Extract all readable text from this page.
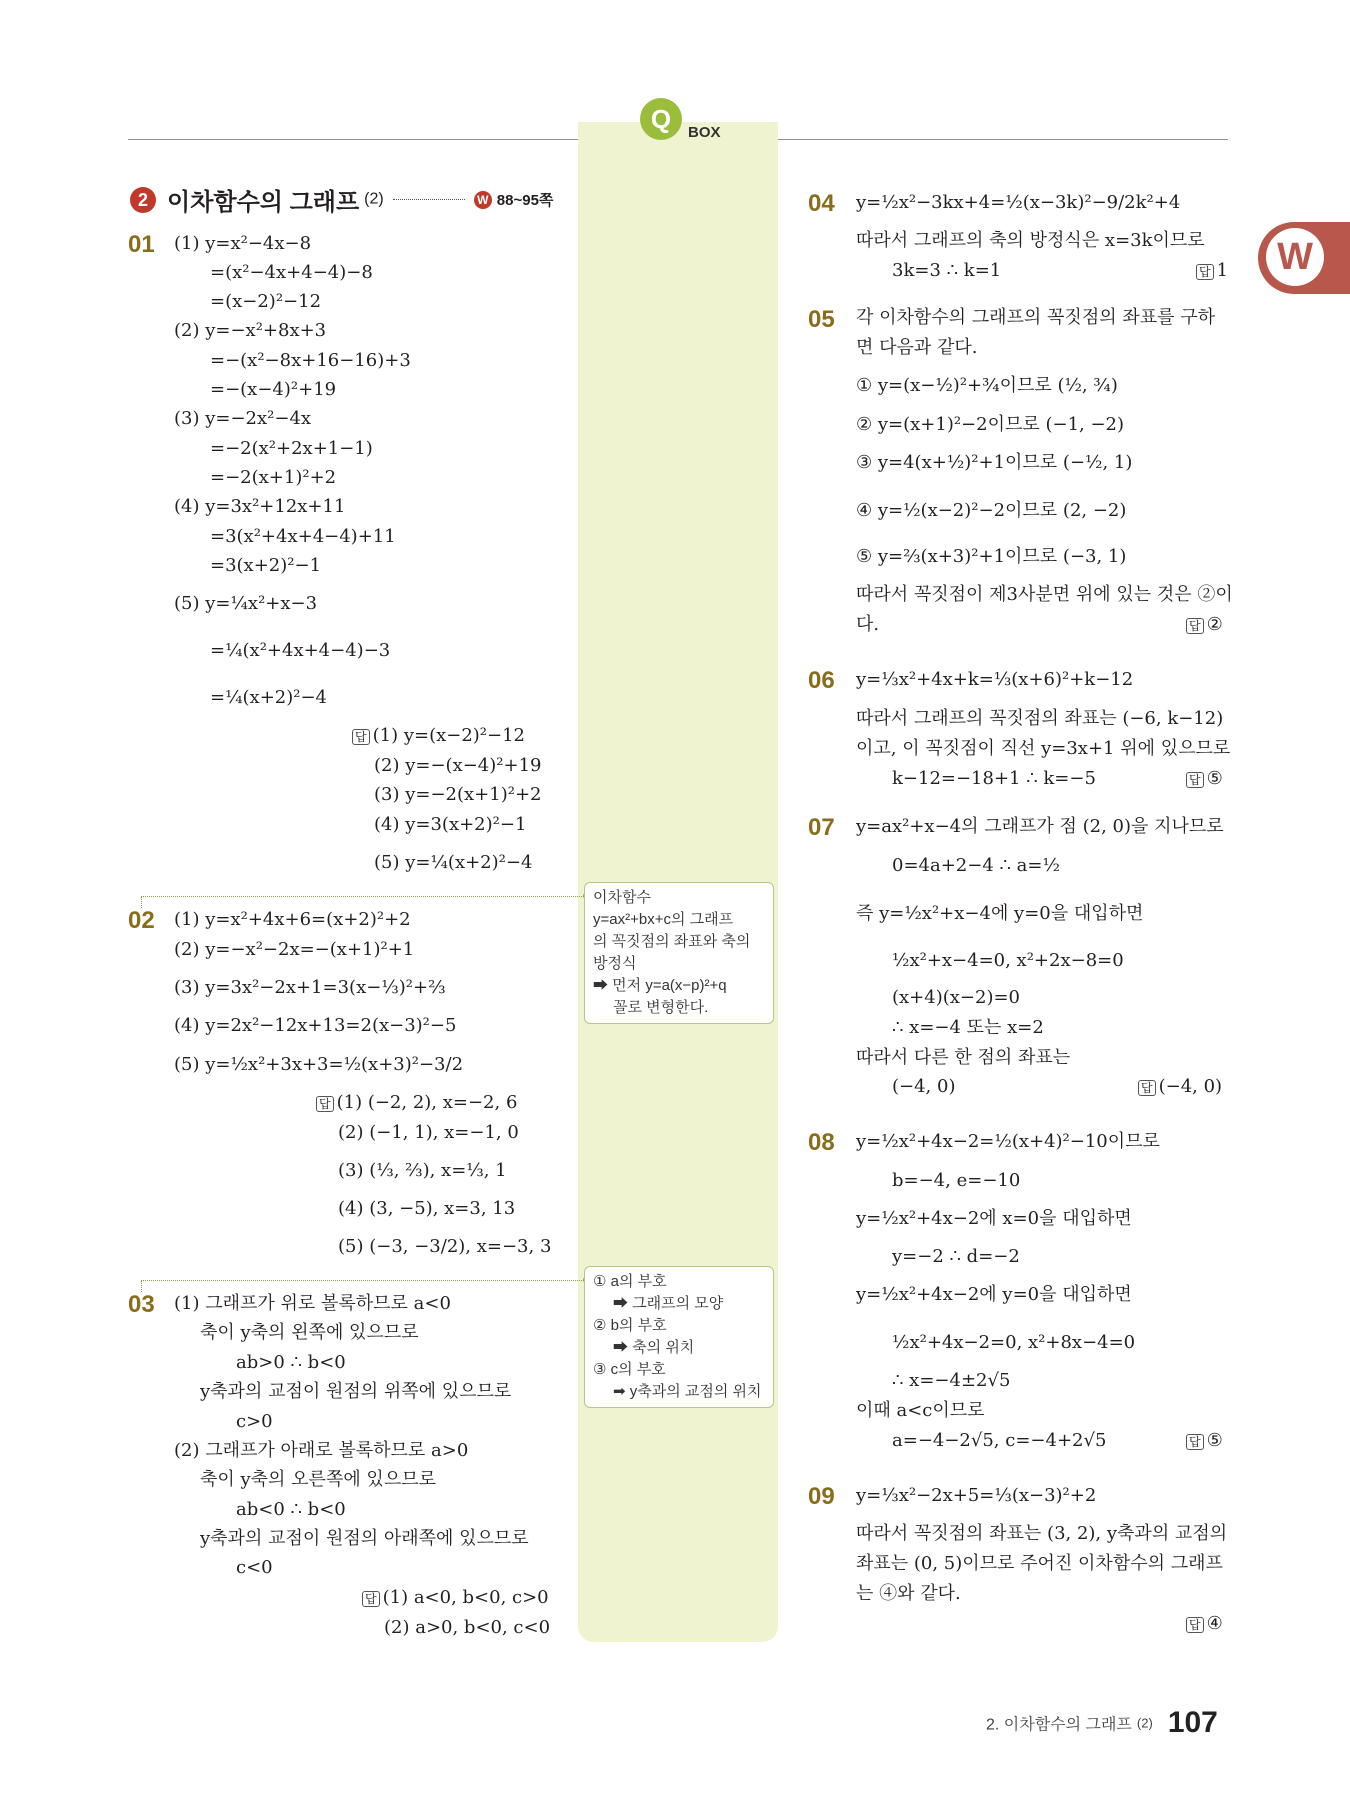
Q	BOX
W
2 이차함수의 그래프 (2)	W 88~95쪽
01 (1) y=x²−4x−8
=(x²−4x+4−4)−8
=(x−2)²−12
(2) y=−x²+8x+3
=−(x²−8x+16−16)+3
=−(x−4)²+19
(3) y=−2x²−4x
=−2(x²+2x+1−1)
=−2(x+1)²+2
(4) y=3x²+12x+11
=3(x²+4x+4−4)+11
=3(x+2)²−1
(5) y=¼x²+x−3
=¼(x²+4x+4−4)−3
=¼(x+2)²−4
답 (1) y=(x−2)²−12
(2) y=−(x−4)²+19
(3) y=−2(x+1)²+2
(4) y=3(x+2)²−1
(5) y=¼(x+2)²−4
02 (1) y=x²+4x+6=(x+2)²+2
(2) y=−x²−2x=−(x+1)²+1
(3) y=3x²−2x+1=3(x−⅓)²+⅔
(4) y=2x²−12x+13=2(x−3)²−5
(5) y=½x²+3x+3=½(x+3)²−3/2
답 (1) (−2, 2), x=−2, 6
(2) (−1, 1), x=−1, 0
(3) (⅓, ⅔), x=⅓, 1
(4) (3, −5), x=3, 13
(5) (−3, −3/2), x=−3, 3
03 (1) 그래프가 위로 볼록하므로 a<0
축이 y축의 왼쪽에 있으므로
ab>0 ∴ b<0
y축과의 교점이 원점의 위쪽에 있으므로
c>0
(2) 그래프가 아래로 볼록하므로 a>0
축이 y축의 오른쪽에 있으므로
ab<0 ∴ b<0
y축과의 교점이 원점의 아래쪽에 있으므로
c<0
답 (1) a<0, b<0, c>0
(2) a>0, b<0, c<0
이차함수
y=ax²+bx+c의 그래프
의 꼭짓점의 좌표와 축의
방정식
➡ 먼저 y=a(x−p)²+q
꼴로 변형한다.
① a의 부호
➡ 그래프의 모양
② b의 부호
➡ 축의 위치
③ c의 부호
➡ y축과의 교점의 위치
04 y=½x²−3kx+4=½(x−3k)²−9/2k²+4
따라서 그래프의 축의 방정식은 x=3k이므로
3k=3 ∴ k=1	답 1
05 각 이차함수의 그래프의 꼭짓점의 좌표를 구하
면 다음과 같다.
① y=(x−½)²+¾이므로 (½, ¾)
② y=(x+1)²−2이므로 (−1, −2)
③ y=4(x+½)²+1이므로 (−½, 1)
④ y=½(x−2)²−2이므로 (2, −2)
⑤ y=⅔(x+3)²+1이므로 (−3, 1)
따라서 꼭짓점이 제3사분면 위에 있는 것은 ②이
다.	답 ②
06 y=⅓x²+4x+k=⅓(x+6)²+k−12
따라서 그래프의 꼭짓점의 좌표는 (−6, k−12)
이고, 이 꼭짓점이 직선 y=3x+1 위에 있으므로
k−12=−18+1 ∴ k=−5	답 ⑤
07 y=ax²+x−4의 그래프가 점 (2, 0)을 지나므로
0=4a+2−4 ∴ a=½
즉 y=½x²+x−4에 y=0을 대입하면
½x²+x−4=0, x²+2x−8=0
(x+4)(x−2)=0
∴ x=−4 또는 x=2
따라서 다른 한 점의 좌표는
(−4, 0)	답 (−4, 0)
08 y=½x²+4x−2=½(x+4)²−10이므로
b=−4, e=−10
y=½x²+4x−2에 x=0을 대입하면
y=−2 ∴ d=−2
y=½x²+4x−2에 y=0을 대입하면
½x²+4x−2=0, x²+8x−4=0
∴ x=−4±2√5
이때 a<c이므로
a=−4−2√5, c=−4+2√5	답 ⑤
09 y=⅓x²−2x+5=⅓(x−3)²+2
따라서 꼭짓점의 좌표는 (3, 2), y축과의 교점의
좌표는 (0, 5)이므로 주어진 이차함수의 그래프
는 ④와 같다.
답 ④
2. 이차함수의 그래프 (2) 107
